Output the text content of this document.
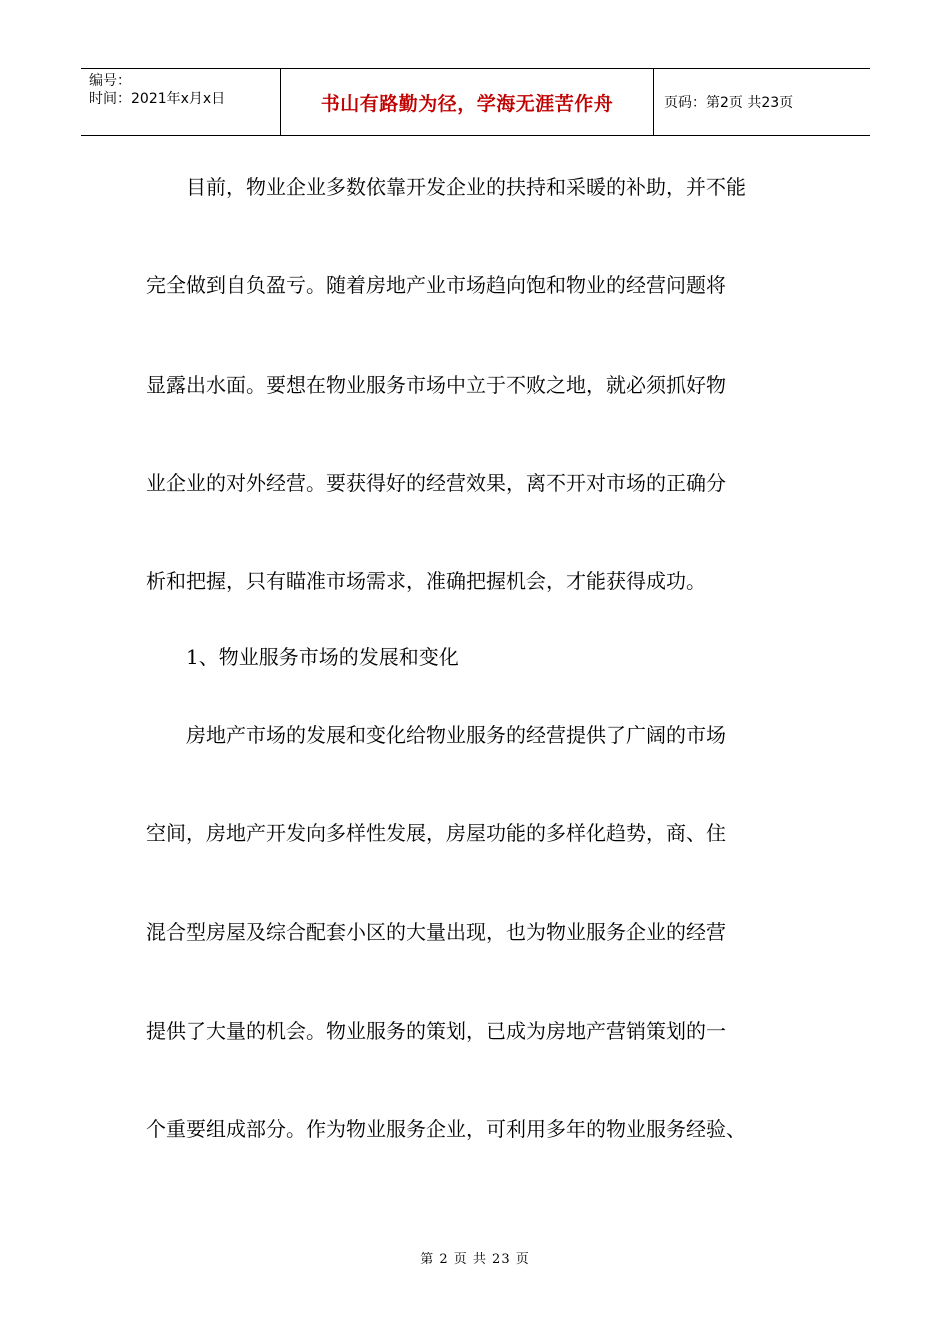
编号：
时间：2021年x月x日	书山有路勤为径，学海无涯苦作舟	页码：第2页 共23页
　　目前，物业企业多数依靠开发企业的扶持和采暖的补助，并不能
完全做到自负盈亏。随着房地产业市场趋向饱和物业的经营问题将
显露出水面。要想在物业服务市场中立于不败之地，就必须抓好物
业企业的对外经营。要获得好的经营效果，离不开对市场的正确分
析和把握，只有瞄准市场需求，准确把握机会，才能获得成功。
　　1、物业服务市场的发展和变化
　　房地产市场的发展和变化给物业服务的经营提供了广阔的市场
空间，房地产开发向多样性发展，房屋功能的多样化趋势，商、住
混合型房屋及综合配套小区的大量出现，也为物业服务企业的经营
提供了大量的机会。物业服务的策划，已成为房地产营销策划的一
个重要组成部分。作为物业服务企业，可利用多年的物业服务经验、
第 2 页 共 23 页
